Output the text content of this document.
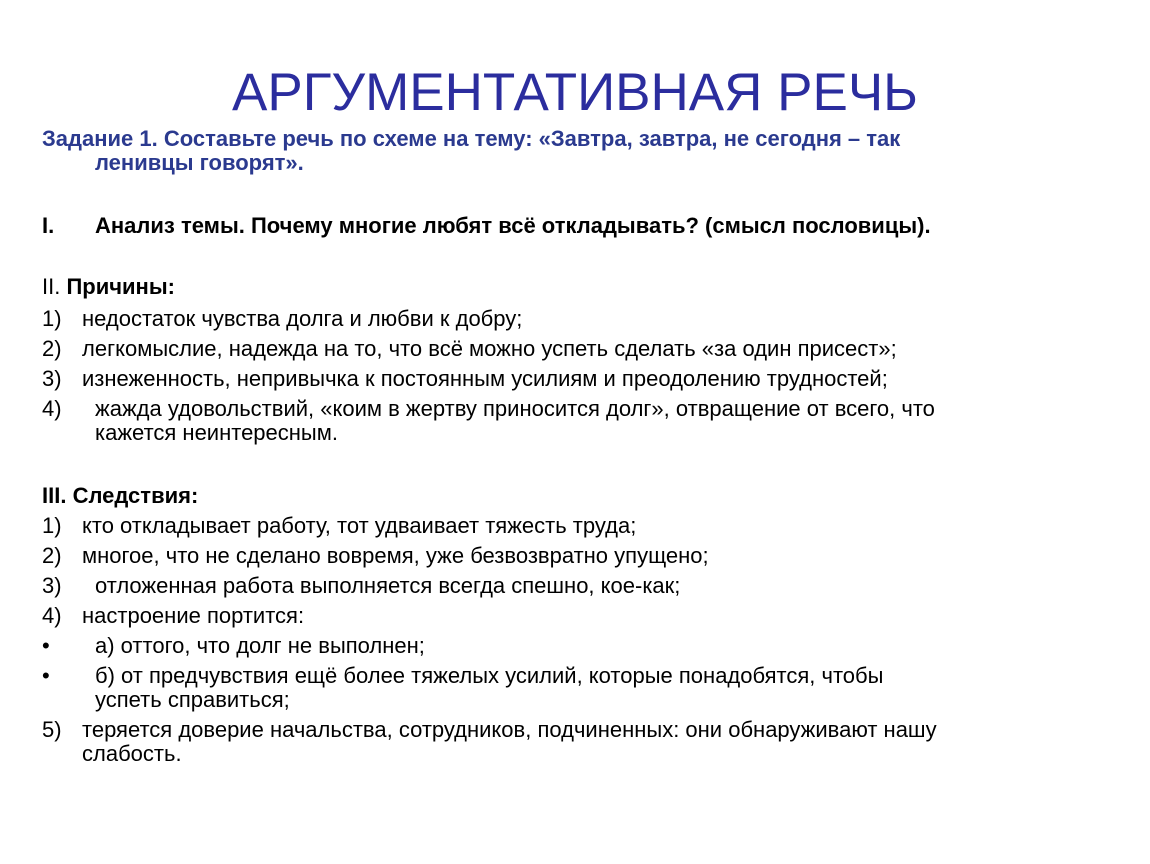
АРГУМЕНТАТИВНАЯ РЕЧЬ
Задание 1. Составьте речь по схеме на тему: «Завтра, завтра, не сегодня – так
ленивцы говорят».
I. Анализ темы. Почему многие любят всё откладывать? (смысл пословицы).
II. Причины:
1) недостаток чувства долга и любви к добру;
2) легкомыслие, надежда на то, что всё можно успеть сделать «за один присест»;
3) изнеженность, непривычка к постоянным усилиям и преодолению трудностей;
4) жажда удовольствий, «коим в жертву приносится долг», отвращение от всего, что
кажется неинтересным.
III. Следствия:
1) кто откладывает работу, тот удваивает тяжесть труда;
2) многое, что не сделано вовремя, уже безвозвратно упущено;
3) отложенная работа выполняется всегда спешно, кое-как;
4) настроение портится:
• а) оттого, что долг не выполнен;
• б) от предчувствия ещё более тяжелых усилий, которые понадобятся, чтобы
успеть справиться;
5) теряется доверие начальства, сотрудников, подчиненных: они обнаруживают нашу
слабость.
